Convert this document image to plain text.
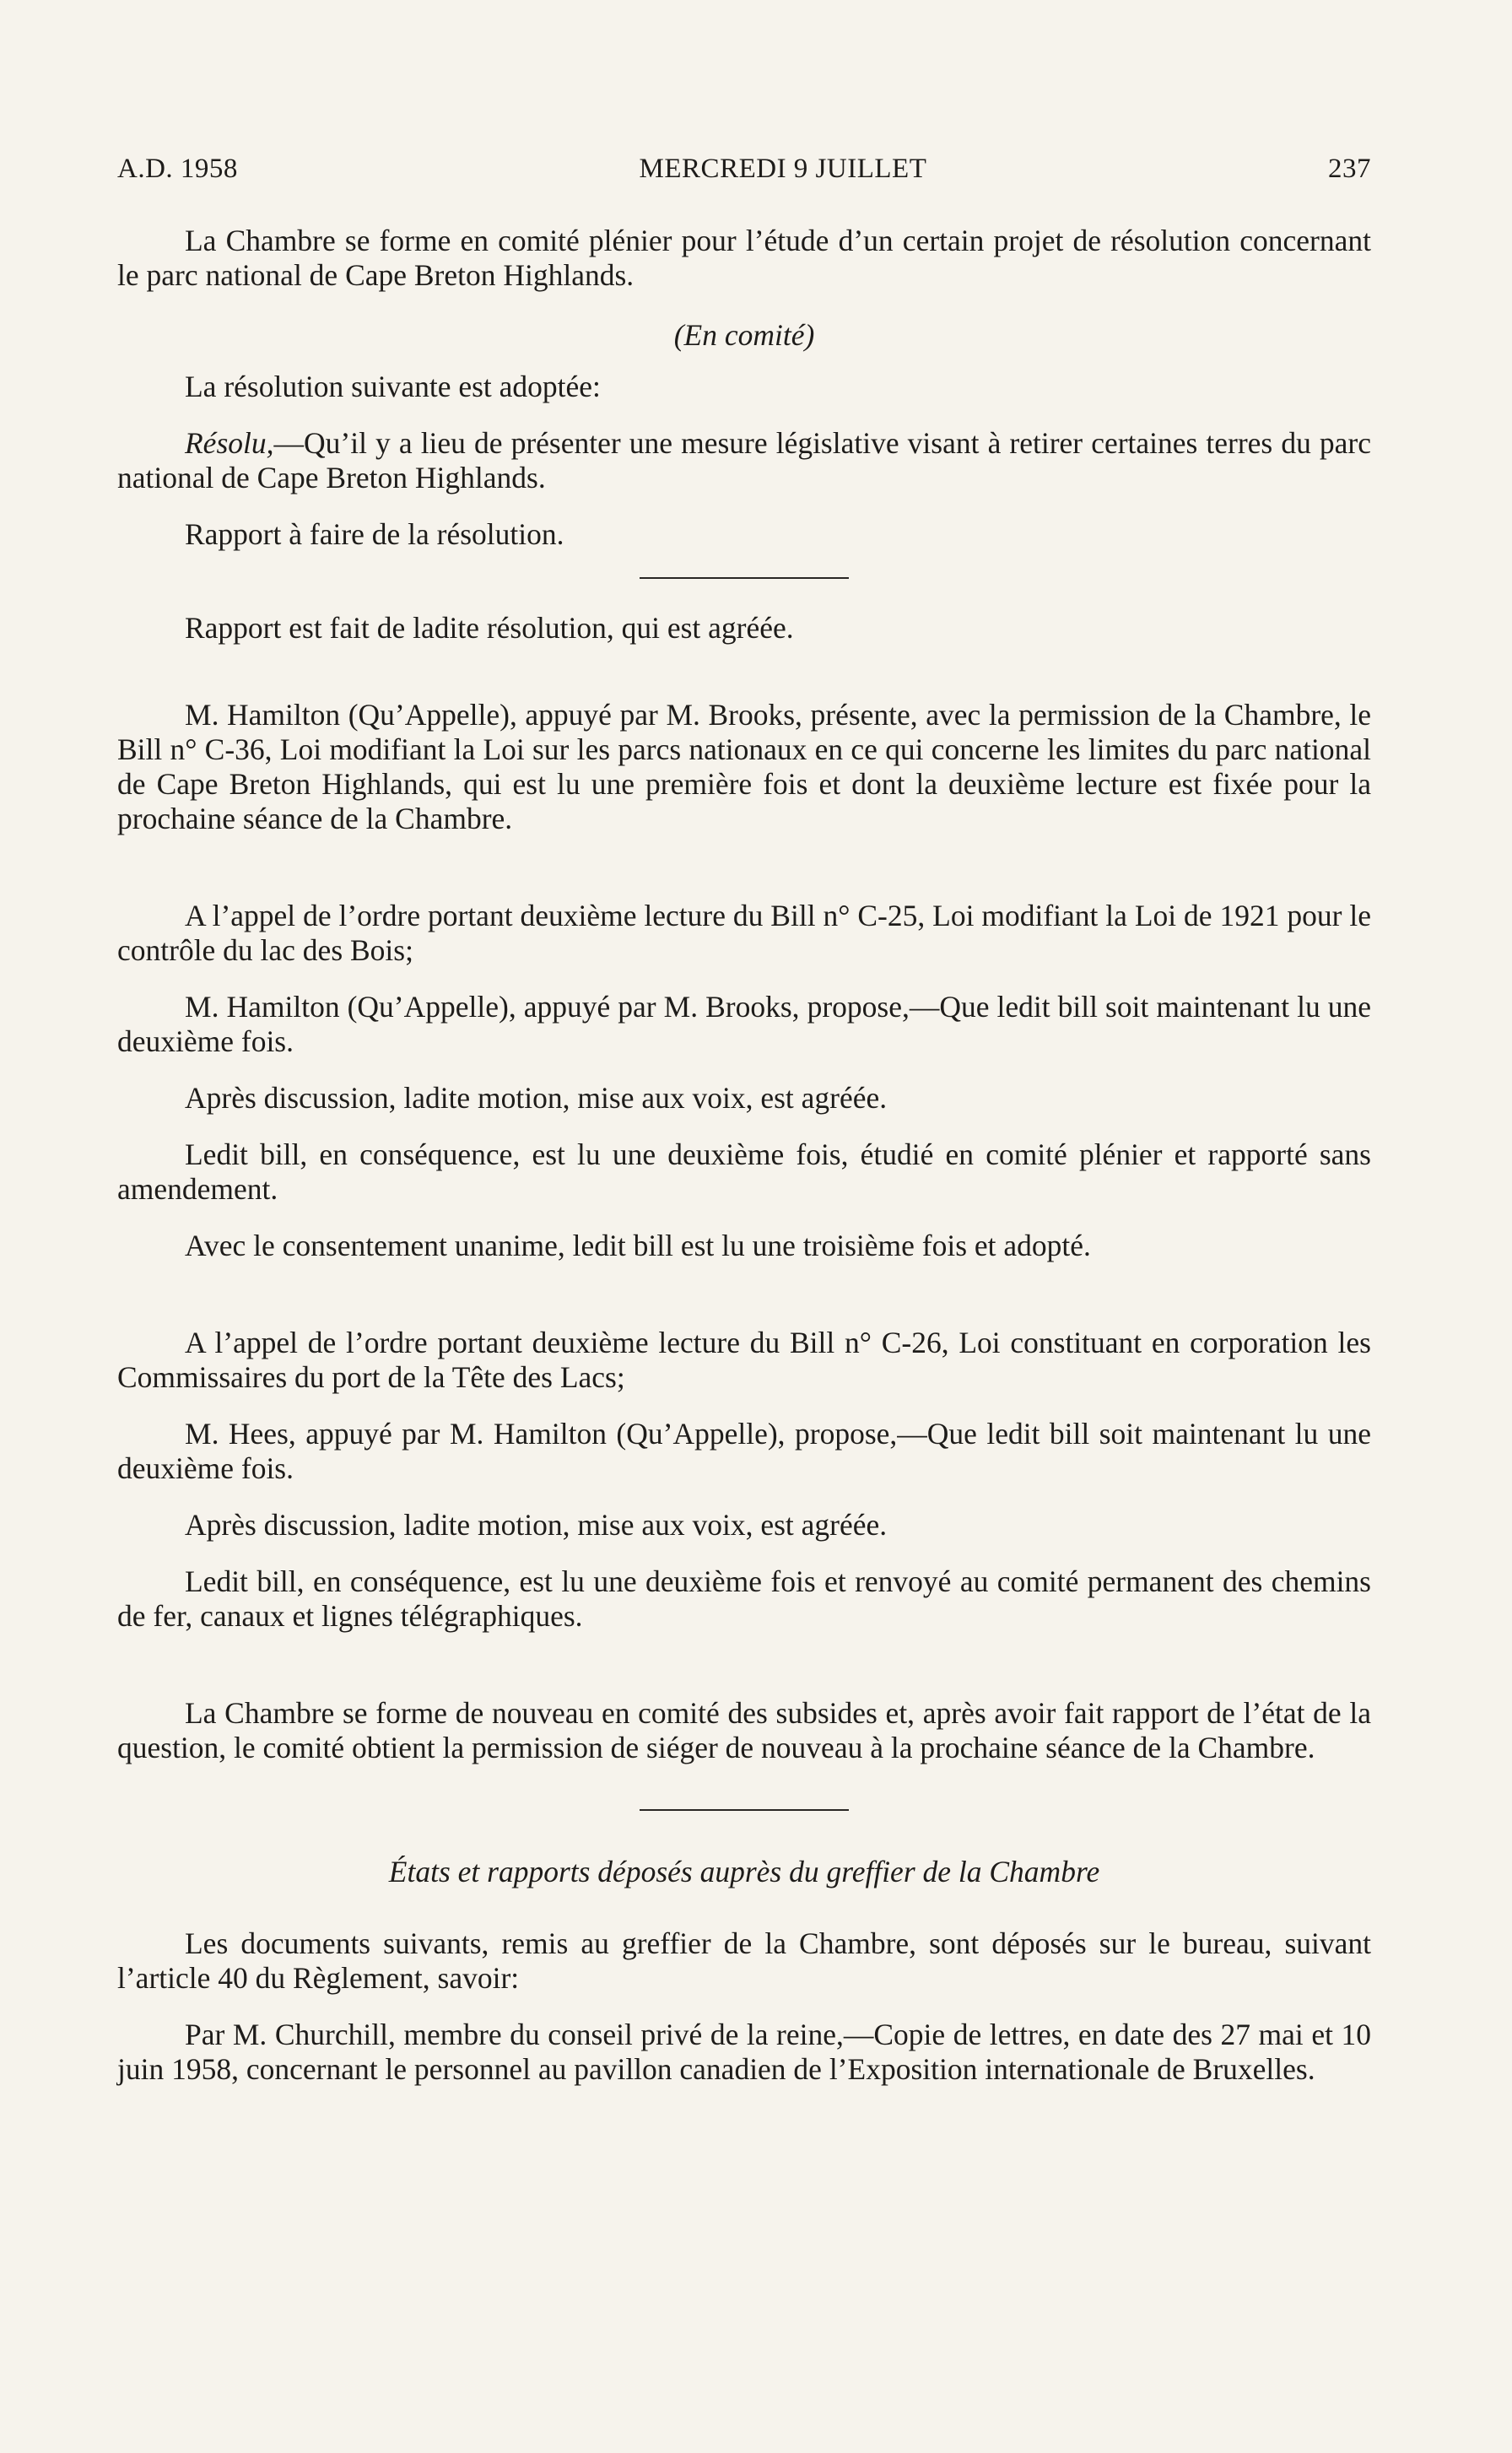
A.D. 1958	MERCREDI 9 JUILLET	237

La Chambre se forme en comité plénier pour l’étude d’un certain projet de résolution concernant le parc national de Cape Breton Highlands.

(En comité)

La résolution suivante est adoptée:

Résolu,—Qu’il y a lieu de présenter une mesure législative visant à retirer certaines terres du parc national de Cape Breton Highlands.

Rapport à faire de la résolution.

Rapport est fait de ladite résolution, qui est agréée.

M. Hamilton (Qu’Appelle), appuyé par M. Brooks, présente, avec la permission de la Chambre, le Bill n° C-36, Loi modifiant la Loi sur les parcs nationaux en ce qui concerne les limites du parc national de Cape Breton Highlands, qui est lu une première fois et dont la deuxième lecture est fixée pour la prochaine séance de la Chambre.

A l’appel de l’ordre portant deuxième lecture du Bill n° C-25, Loi modifiant la Loi de 1921 pour le contrôle du lac des Bois;

M. Hamilton (Qu’Appelle), appuyé par M. Brooks, propose,—Que ledit bill soit maintenant lu une deuxième fois.

Après discussion, ladite motion, mise aux voix, est agréée.

Ledit bill, en conséquence, est lu une deuxième fois, étudié en comité plénier et rapporté sans amendement.

Avec le consentement unanime, ledit bill est lu une troisième fois et adopté.

A l’appel de l’ordre portant deuxième lecture du Bill n° C-26, Loi constituant en corporation les Commissaires du port de la Tête des Lacs;

M. Hees, appuyé par M. Hamilton (Qu’Appelle), propose,—Que ledit bill soit maintenant lu une deuxième fois.

Après discussion, ladite motion, mise aux voix, est agréée.

Ledit bill, en conséquence, est lu une deuxième fois et renvoyé au comité permanent des chemins de fer, canaux et lignes télégraphiques.

La Chambre se forme de nouveau en comité des subsides et, après avoir fait rapport de l’état de la question, le comité obtient la permission de siéger de nouveau à la prochaine séance de la Chambre.

États et rapports déposés auprès du greffier de la Chambre

Les documents suivants, remis au greffier de la Chambre, sont déposés sur le bureau, suivant l’article 40 du Règlement, savoir:

Par M. Churchill, membre du conseil privé de la reine,—Copie de lettres, en date des 27 mai et 10 juin 1958, concernant le personnel au pavillon canadien de l’Exposition internationale de Bruxelles.
